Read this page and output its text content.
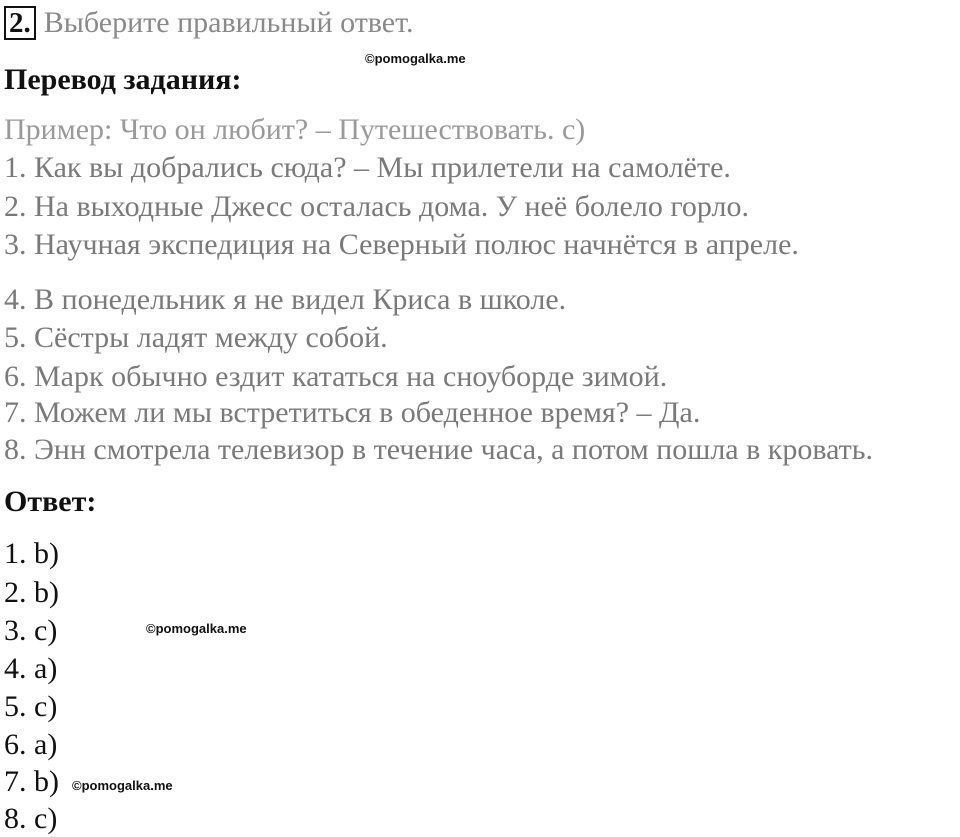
2. Выберите правильный ответ.
©pomogalka.me
Перевод задания:
Пример: Что он любит? – Путешествовать. с)
1. Как вы добрались сюда? – Мы прилетели на самолёте.
2. На выходные Джесс осталась дома. У неё болело горло.
3. Научная экспедиция на Северный полюс начнётся в апреле.
4. В понедельник я не видел Криса в школе.
5. Сёстры ладят между собой.
6. Марк обычно ездит кататься на сноуборде зимой.
7. Можем ли мы встретиться в обеденное время? – Да.
8. Энн смотрела телевизор в течение часа, а потом пошла в кровать.
Ответ:
1. b)
2. b)
3. c)
4. a)
5. c)
6. a)
7. b)
8. c)
©pomogalka.me
©pomogalka.me
